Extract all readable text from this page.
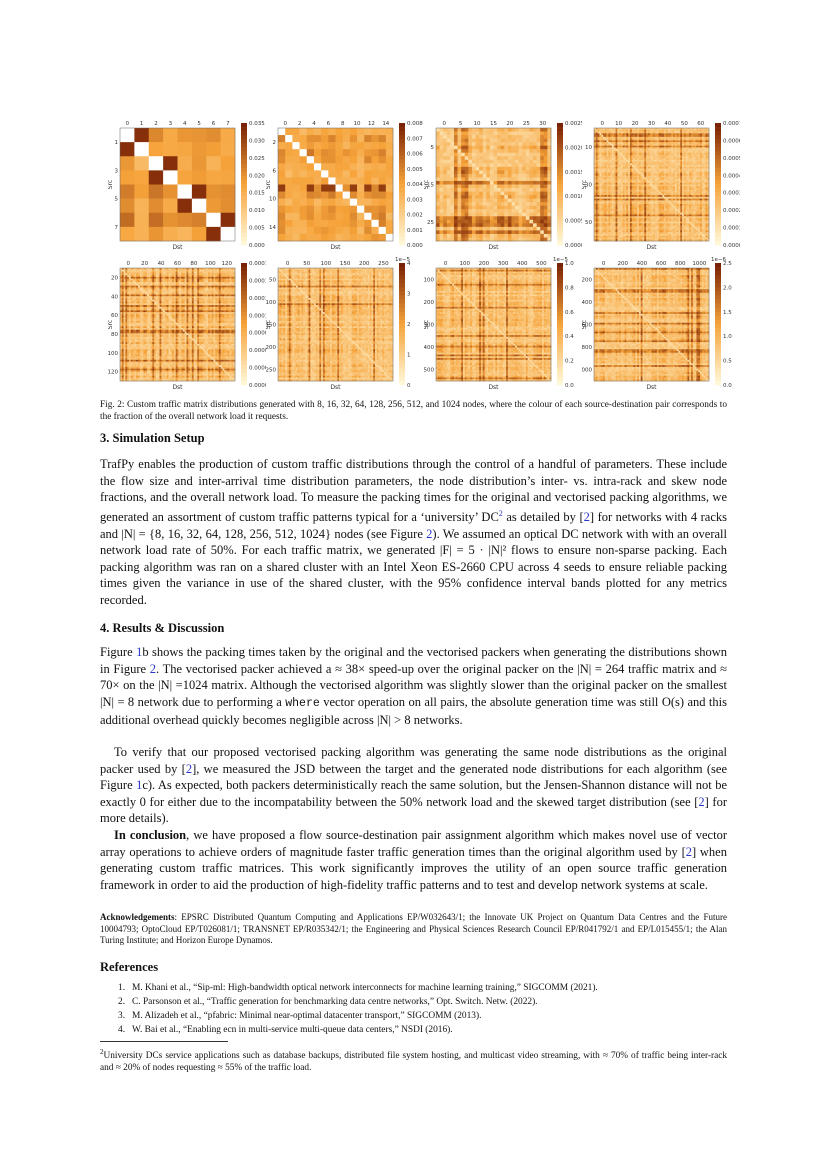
0 1 2 3 4 5 6 7
1
3
5
7
Dst
Src
0.035
0.030
0.025
0.020
0.015
0.010
0.005
0.000
0 2 4 6 8 10 12 14
2
6
10
14
Dst
Src
0.008
0.007
0.006
0.005
0.004
0.003
0.002
0.001
0.000
0 5 10 15 20 25 30
5
15
25
Dst
Src
0.002
0.002
0.001
0.001
0.000
0.000
0 10 20 30 40 50 60
10
30
50
Dst
Src
0.000
0.000
0.000
0.000
0.000
0.000
0.000
0.000
0 20 40 60 80 100 120
20
40
60
80
100
120
Dst
Src
0.000
0.000
0.000
0.000
0.000
0.000
0.000
0.000
0	50 100 150 200 250
50
100
150
200
250
Dst
Src
4
3
2
1
0
1e−5
0 100 200 300 400 500
100
200
300
400
500
Dst
Src
1.0
0.8
0.6
0.4
0.2
0.0
1e−5
0 200 400 600 800 1000
200
400
600
800
000
Dst
Src
2.5
2.0
1.5
1.0
0.5
0.0
1e−6
Fig. 2: Custom traffic matrix distributions generated with 8, 16, 32, 64, 128, 256, 512, and 1024 nodes, where the colour of each source-destination pair corresponds to the fraction of the overall network load it requests.
3. Simulation Setup
TrafPy enables the production of custom traffic distributions through the control of a handful of parameters. These include the flow size and inter-arrival time distribution parameters, the node distribution’s inter- vs. intra-rack and skew node fractions, and the overall network load. To measure the packing times for the original and vectorised packing algorithms, we generated an assortment of custom traffic patterns typical for a ‘university’ $DC^2$ as detailed by [2] for networks with 4 racks and |N| = {8, 16, 32, 64, 128, 256, 512, 1024} nodes (see Figure 2). We assumed an optical DC network with with an overall network load rate of 50%. For each traffic matrix, we generated |F| = 5 · |N|² flows to ensure non-sparse packing. Each packing algorithm was ran on a shared cluster with an Intel Xeon ES-2660 CPU across 4 seeds to ensure reliable packing times given the variance in use of the shared cluster, with the 95% confidence interval bands plotted for any metrics recorded.
4. Results & Discussion
Figure 1b shows the packing times taken by the original and the vectorised packers when generating the distributions shown in Figure 2. The vectorised packer achieved a ≈ 38× speed-up over the original packer on the |N| = 264 traffic matrix and ≈ 70× on the |N| =1024 matrix. Although the vectorised algorithm was slightly slower than the original packer on the smallest |N| = 8 network due to performing a where vector operation on all pairs, the absolute generation time was still O(s) and this additional overhead quickly becomes negligible across |N| > 8 networks.
To verify that our proposed vectorised packing algorithm was generating the same node distributions as the original packer used by [2], we measured the JSD between the target and the generated node distributions for each algorithm (see Figure 1c). As expected, both packers deterministically reach the same solution, but the Jensen-Shannon distance will not be exactly 0 for either due to the incompatability between the 50% network load and the skewed target distribution (see [2] for more details).
In conclusion, we have proposed a flow source-destination pair assignment algorithm which makes novel use of vector array operations to achieve orders of magnitude faster traffic generation times than the original algorithm used by [2] when generating custom traffic matrices. This work significantly improves the utility of an open source traffic generation framework in order to aid the production of high-fidelity traffic patterns and to test and develop network systems at scale.
Acknowledgements: EPSRC Distributed Quantum Computing and Applications EP/W032643/1; the Innovate UK Project on Quantum Data Centres and the Future 10004793; OptoCloud EP/T026081/1; TRANSNET EP/R035342/1; the Engineering and Physical Sciences Research Council EP/R041792/1 and EP/L015455/1; the Alan Turing Institute; and Horizon Europe Dynamos.
References
1. M. Khani et al., “Sip-ml: High-bandwidth optical network interconnects for machine learning training,” SIGCOMM (2021).
2. C. Parsonson et al., “Traffic generation for benchmarking data centre networks,” Opt. Switch. Netw. (2022).
3. M. Alizadeh et al., “pfabric: Minimal near-optimal datacenter transport,” SIGCOMM (2013).
4. W. Bai et al., “Enabling ecn in multi-service multi-queue data centers,” NSDI (2016).
$^2$University DCs service applications such as database backups, distributed file system hosting, and multicast video streaming, with ≈ 70% of traffic being inter-rack and ≈ 20% of nodes requesting ≈ 55% of the traffic load.
